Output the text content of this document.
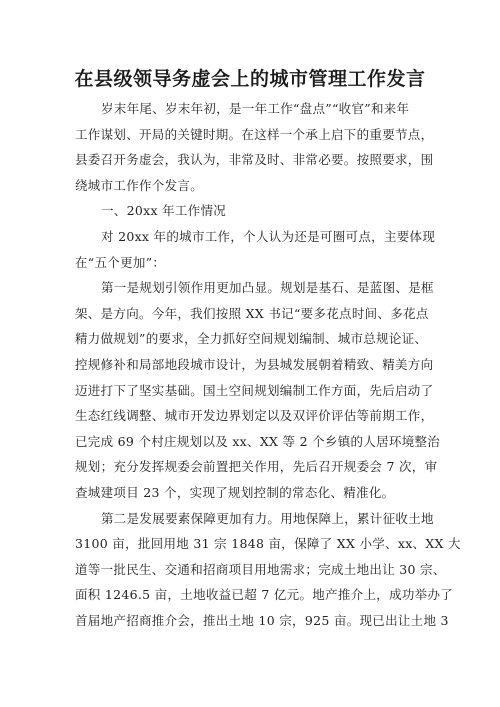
在县级领导务虚会上的城市管理工作发言
岁末年尾、岁末年初，是一年工作“盘点”“收官”和来年
工作谋划、开局的关键时期。在这样一个承上启下的重要节点，
县委召开务虚会，我认为，非常及时、非常必要。按照要求，围
绕城市工作作个发言。
一、20xx 年工作情况
对 20xx 年的城市工作，个人认为还是可圈可点，主要体现
在“五个更加”：
第一是规划引领作用更加凸显。规划是基石、是蓝图、是框
架、是方向。今年，我们按照 XX 书记“要多花点时间、多花点
精力做规划”的要求，全力抓好空间规划编制、城市总规论证、
控规修补和局部地段城市设计，为县城发展朝着精致、精美方向
迈进打下了坚实基础。国土空间规划编制工作方面，先后启动了
生态红线调整、城市开发边界划定以及双评价评估等前期工作，
已完成 69 个村庄规划以及 xx、XX 等 2 个乡镇的人居环境整治
规划；充分发挥规委会前置把关作用，先后召开规委会 7 次，审
查城建项目 23 个，实现了规划控制的常态化、精准化。
第二是发展要素保障更加有力。用地保障上，累计征收土地
3100 亩，批回用地 31 宗 1848 亩，保障了 XX 小学、xx、XX 大
道等一批民生、交通和招商项目用地需求；完成土地出让 30 宗、
面积 1246.5 亩，土地收益已超 7 亿元。地产推介上，成功举办了
首届地产招商推介会，推出土地 10 宗，925 亩。现已出让土地 3
